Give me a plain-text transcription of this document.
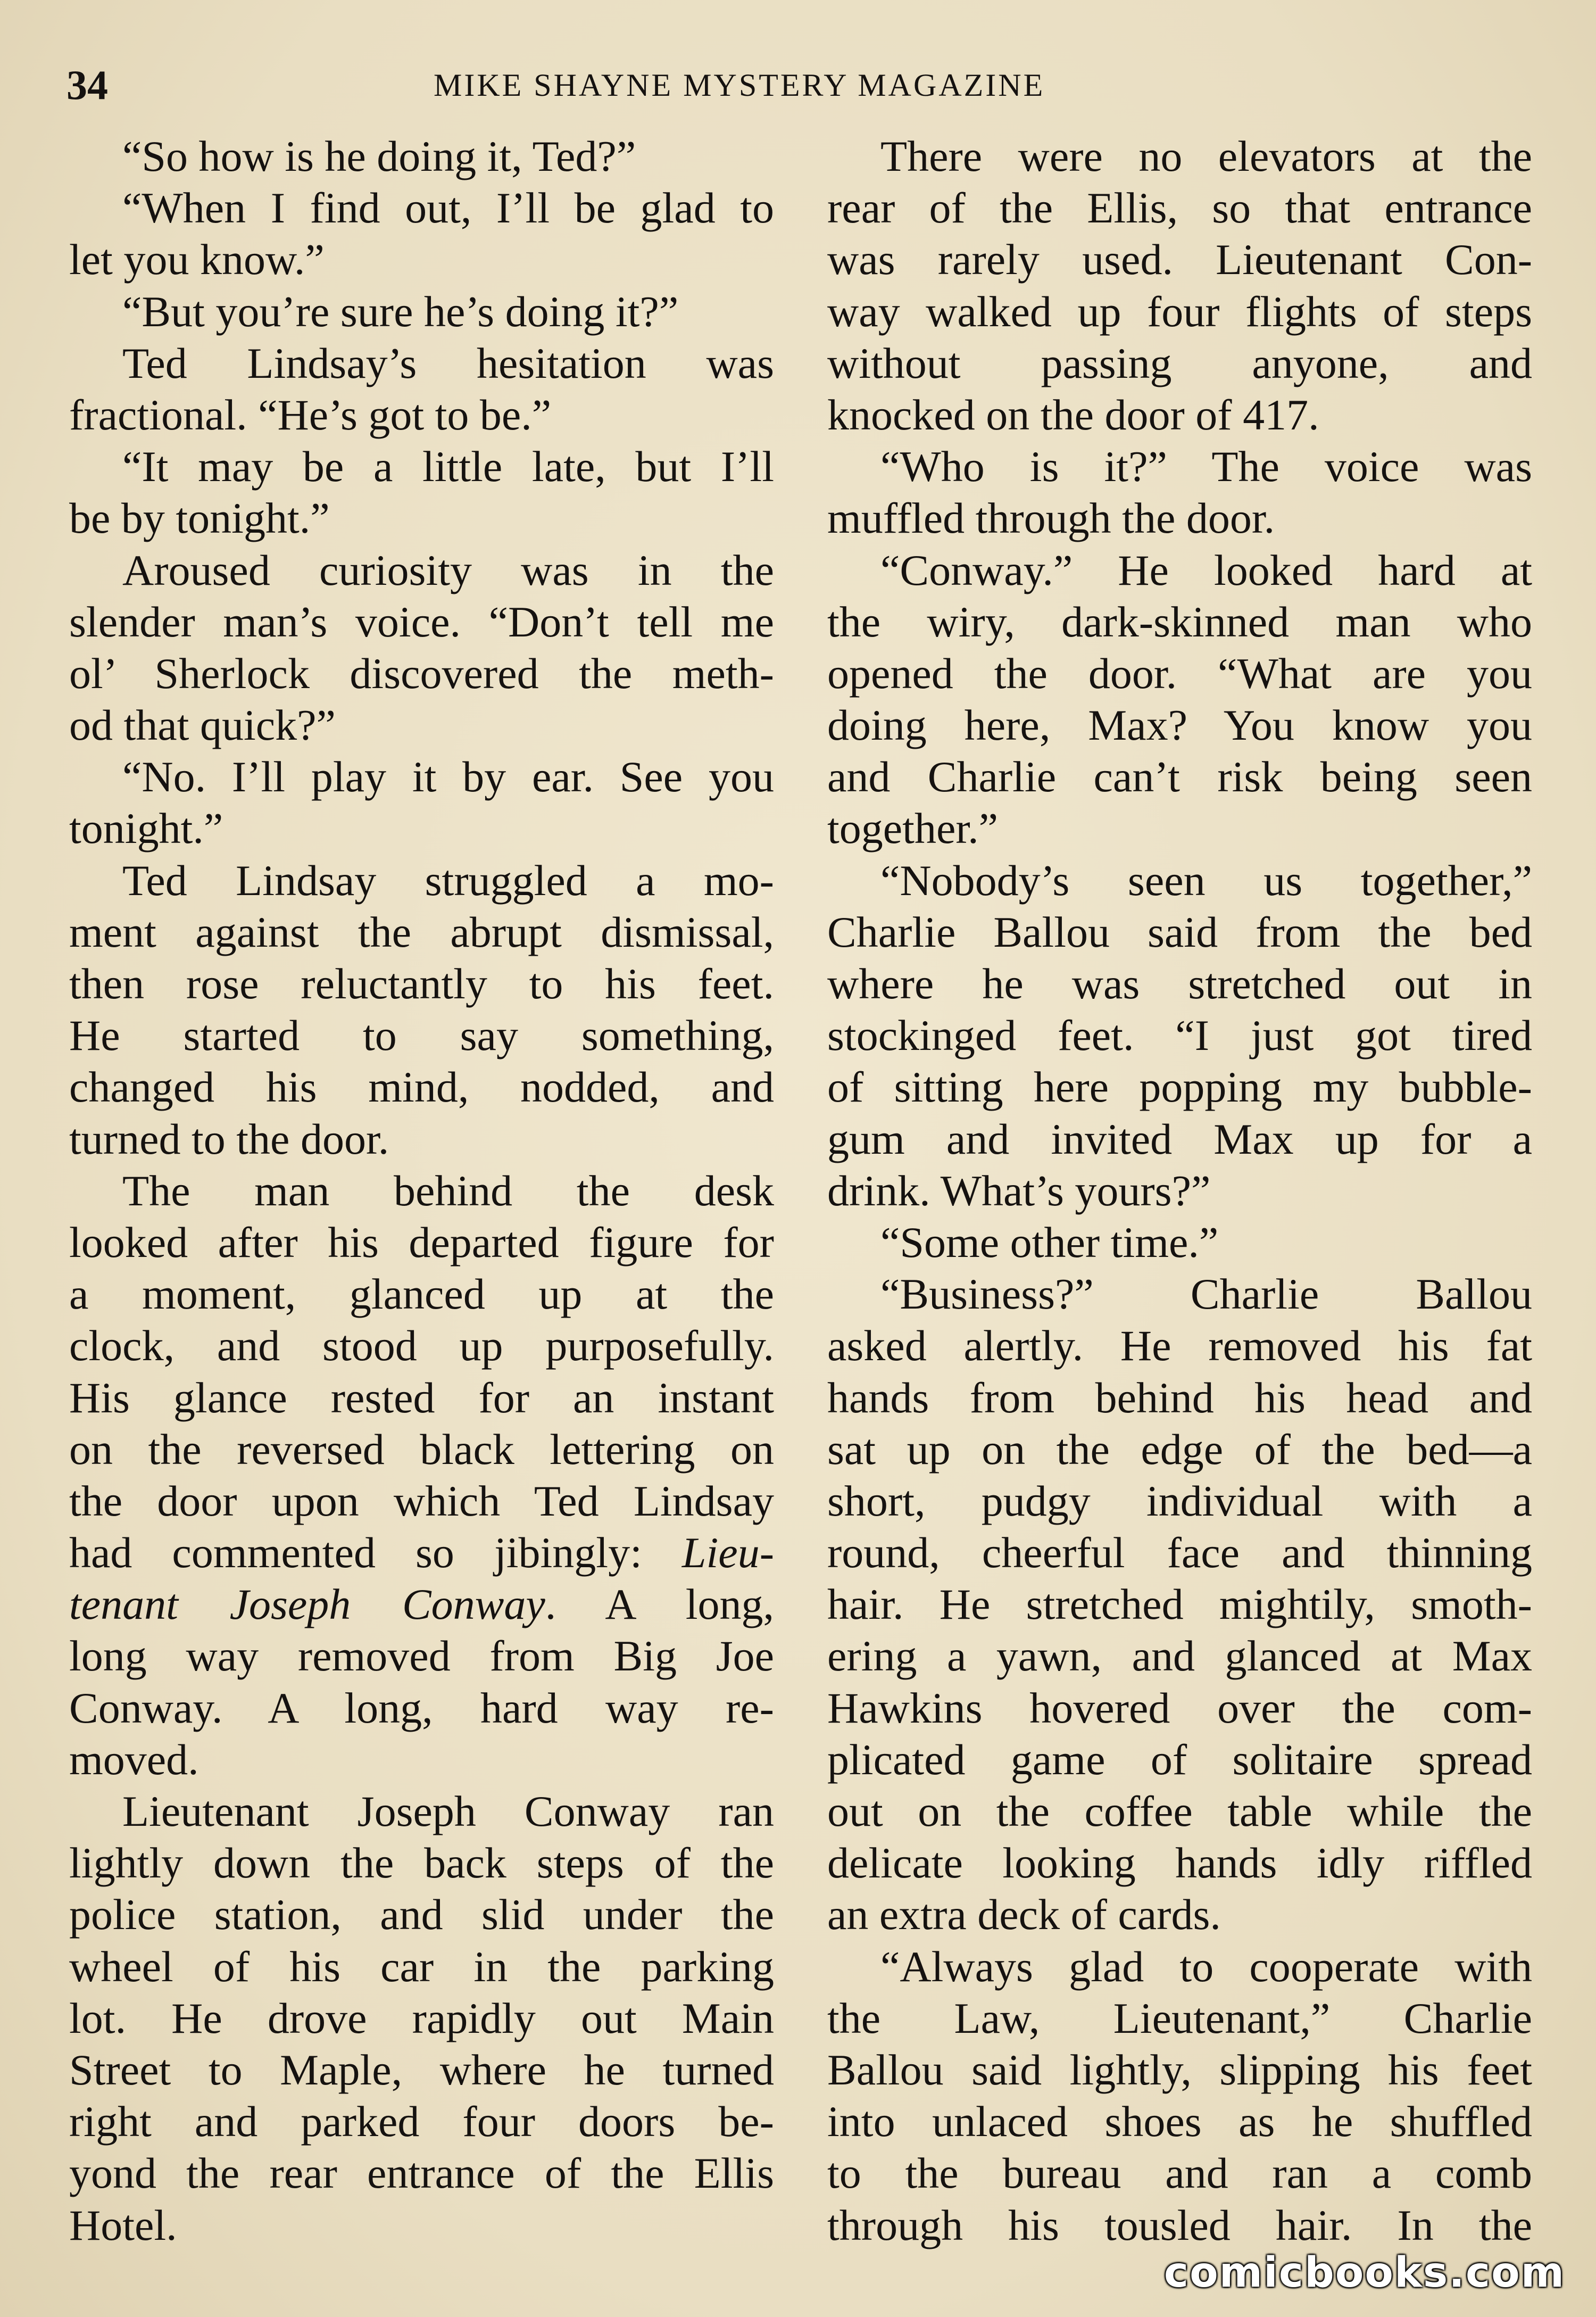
34	MIKE SHAYNE MYSTERY MAGAZINE
“So how is he doing it, Ted?”
“When I find out, I’ll be glad to
let you know.”
“But you’re sure he’s doing it?”
Ted Lindsay’s hesitation was
fractional. “He’s got to be.”
“It may be a little late, but I’ll
be by tonight.”
Aroused curiosity was in the
slender man’s voice. “Don’t tell me
ol’ Sherlock discovered the meth-
od that quick?”
“No. I’ll play it by ear. See you
tonight.”
Ted Lindsay struggled a mo-
ment against the abrupt dismissal,
then rose reluctantly to his feet.
He started to say something,
changed his mind, nodded, and
turned to the door.
The man behind the desk
looked after his departed figure for
a moment, glanced up at the
clock, and stood up purposefully.
His glance rested for an instant
on the reversed black lettering on
the door upon which Ted Lindsay
had commented so jibingly: Lieu-
tenant Joseph Conway. A long,
long way removed from Big Joe
Conway. A long, hard way re-
moved.
Lieutenant Joseph Conway ran
lightly down the back steps of the
police station, and slid under the
wheel of his car in the parking
lot. He drove rapidly out Main
Street to Maple, where he turned
right and parked four doors be-
yond the rear entrance of the Ellis
Hotel.
There were no elevators at the
rear of the Ellis, so that entrance
was rarely used. Lieutenant Con-
way walked up four flights of steps
without passing anyone, and
knocked on the door of 417.
“Who is it?” The voice was
muffled through the door.
“Conway.” He looked hard at
the wiry, dark-skinned man who
opened the door. “What are you
doing here, Max? You know you
and Charlie can’t risk being seen
together.”
“Nobody’s seen us together,”
Charlie Ballou said from the bed
where he was stretched out in
stockinged feet. “I just got tired
of sitting here popping my bubble-
gum and invited Max up for a
drink. What’s yours?”
“Some other time.”
“Business?” Charlie Ballou
asked alertly. He removed his fat
hands from behind his head and
sat up on the edge of the bed—a
short, pudgy individual with a
round, cheerful face and thinning
hair. He stretched mightily, smoth-
ering a yawn, and glanced at Max
Hawkins hovered over the com-
plicated game of solitaire spread
out on the coffee table while the
delicate looking hands idly riffled
an extra deck of cards.
“Always glad to cooperate with
the Law, Lieutenant,” Charlie
Ballou said lightly, slipping his feet
into unlaced shoes as he shuffled
to the bureau and ran a comb
through his tousled hair. In the
comicbooks.com
